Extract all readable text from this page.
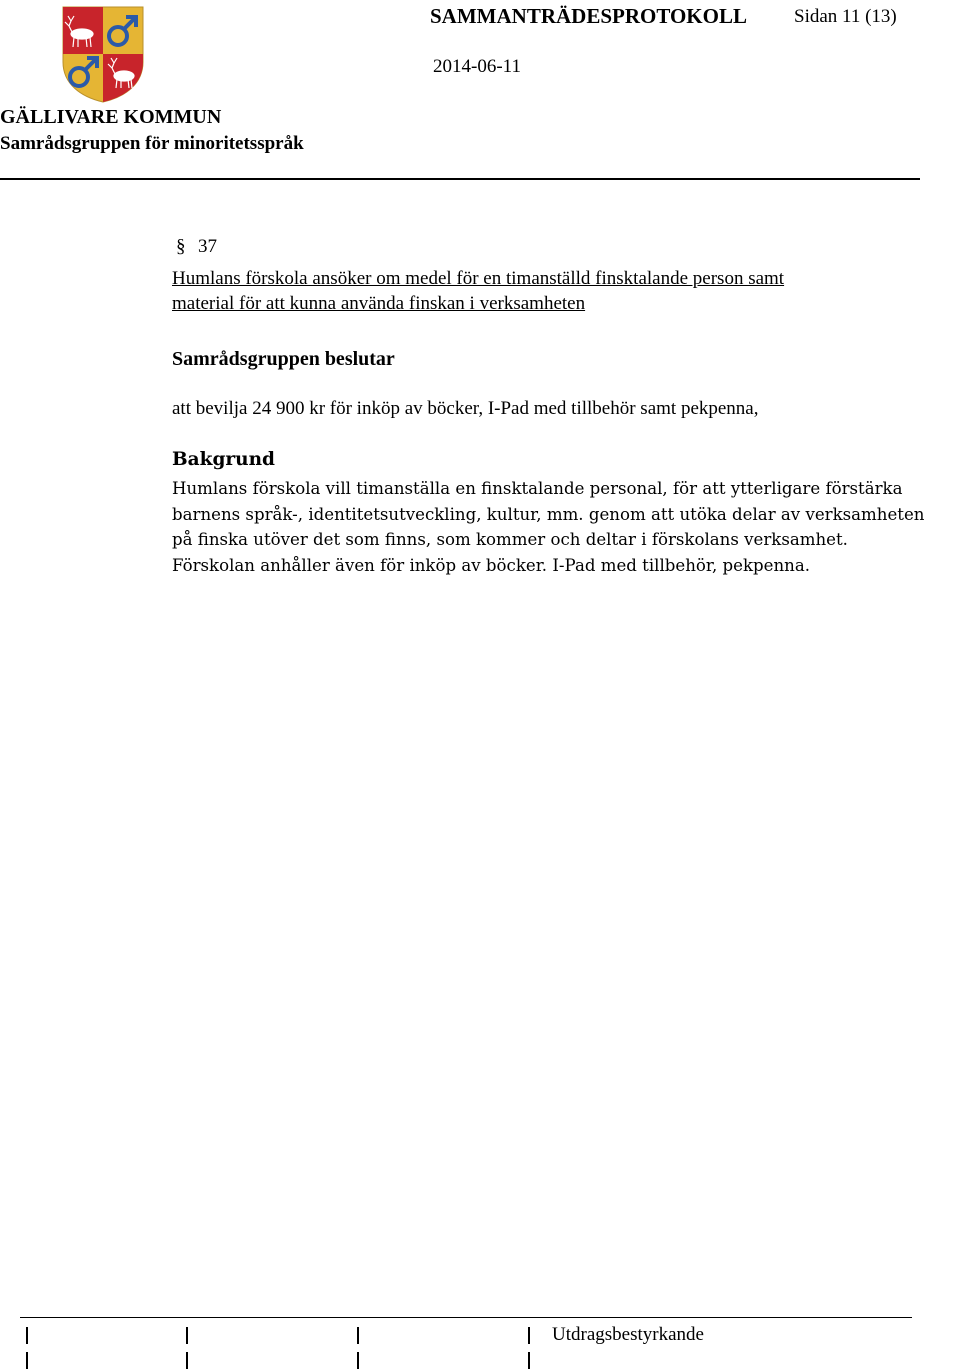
SAMMANTRÄDESPROTOKOLL Sidan 11 (13)
2014-06-11
GÄLLIVARE KOMMUN
Samrådsgruppen för minoritetsspråk
§ 37
Humlans förskola ansöker om medel för en timanställd finsktalande person samt
material för att kunna använda finskan i verksamheten
Samrådsgruppen beslutar
att bevilja 24 900 kr för inköp av böcker, I-Pad med tillbehör samt pekpenna,
Bakgrund
Humlans förskola vill timanställa en finsktalande personal, för att ytterligare förstärka
barnens språk-, identitetsutveckling, kultur, mm. genom att utöka delar av verksamheten
på finska utöver det som finns, som kommer och deltar i förskolans verksamhet.
Förskolan anhåller även för inköp av böcker. I-Pad med tillbehör, pekpenna.
Utdragsbestyrkande
